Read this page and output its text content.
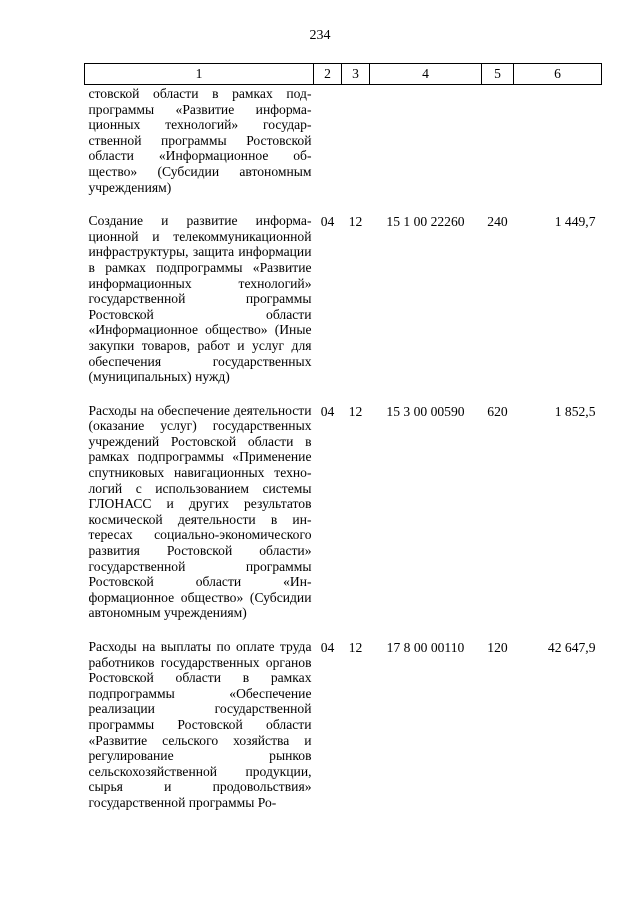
234
1	2	3	4	5	6
стовской области в рамках подпрограммы «Развитие информационных технологий» государственной программы Ростовской области «Информационное общество» (Субсидии автономным учреждениям)					
Создание и развитие информационной и телекоммуникационной инфраструктуры, защита информации в рамках подпрограммы «Развитие информационных технологий» государственной программы Ростовской области «Информационное общество» (Иные закупки товаров, работ и услуг для обеспечения государственных (муниципальных) нужд)	04	12	15 1 00 22260	240	1 449,7
Расходы на обеспечение деятельности (оказание услуг) государственных учреждений Ростовской области в рамках подпрограммы «Применение спутниковых навигационных технологий с использованием системы ГЛОНАСС и других результатов космической деятельности в интересах социально-экономического развития Ростовской области» государственной программы Ростовской области «Информационное общество» (Субсидии автономным учреждениям)	04	12	15 3 00 00590	620	1 852,5
Расходы на выплаты по оплате труда работников государственных органов Ростовской области в рамках подпрограммы «Обеспечение реализации государственной программы Ростовской области «Развитие сельского хозяйства и регулирование рынков сельскохозяйственной продукции, сырья и продовольствия» государственной программы Ро-	04	12	17 8 00 00110	120	42 647,9
